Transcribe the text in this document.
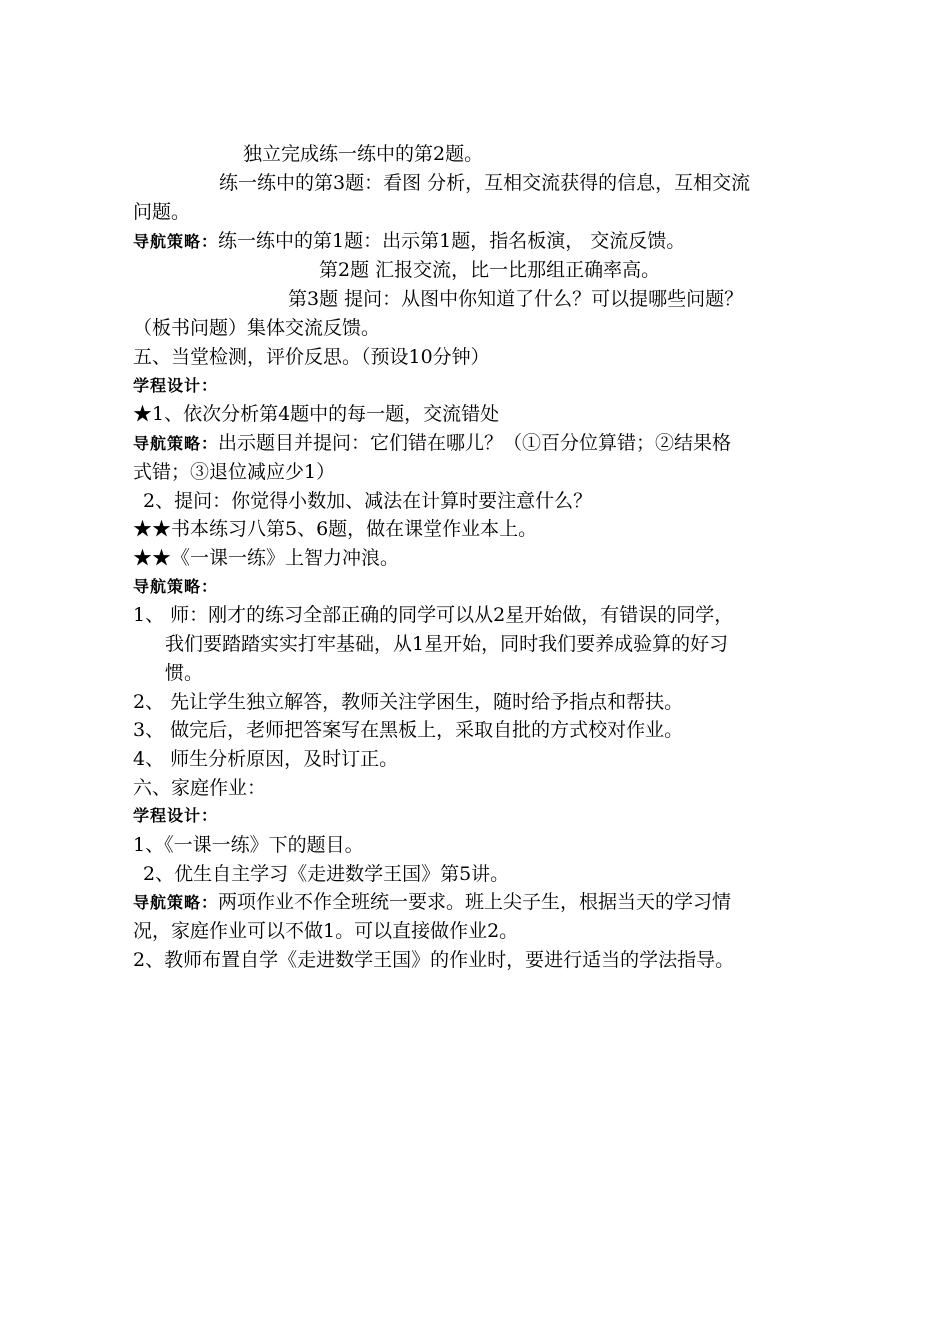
独立完成练一练中的第2题。
练一练中的第3题：看图 分析，互相交流获得的信息，互相交流
问题。
导航策略：练一练中的第1题：出示第1题，指名板演， 交流反馈。
第2题 汇报交流，比一比那组正确率高。
第3题 提问：从图中你知道了什么？可以提哪些问题？
（板书问题）集体交流反馈。
五、当堂检测，评价反思。（预设10分钟）
学程设计：
★1、依次分析第4题中的每一题，交流错处
导航策略：出示题目并提问：它们错在哪儿？（①百分位算错；②结果格
式错；③退位减应少1）
2、提问：你觉得小数加、减法在计算时要注意什么？
★★书本练习八第5、6题，做在课堂作业本上。
★★《一课一练》上智力冲浪。
导航策略：
1、 师：刚才的练习全部正确的同学可以从2星开始做，有错误的同学，
我们要踏踏实实打牢基础，从1星开始，同时我们要养成验算的好习
惯。
2、 先让学生独立解答，教师关注学困生，随时给予指点和帮扶。
3、 做完后，老师把答案写在黑板上，采取自批的方式校对作业。
4、 师生分析原因，及时订正。
六、家庭作业：
学程设计：
1、《一课一练》下的题目。
2、优生自主学习《走进数学王国》第5讲。
导航策略：两项作业不作全班统一要求。班上尖子生，根据当天的学习情
况，家庭作业可以不做1。可以直接做作业2。
2、教师布置自学《走进数学王国》的作业时，要进行适当的学法指导。
